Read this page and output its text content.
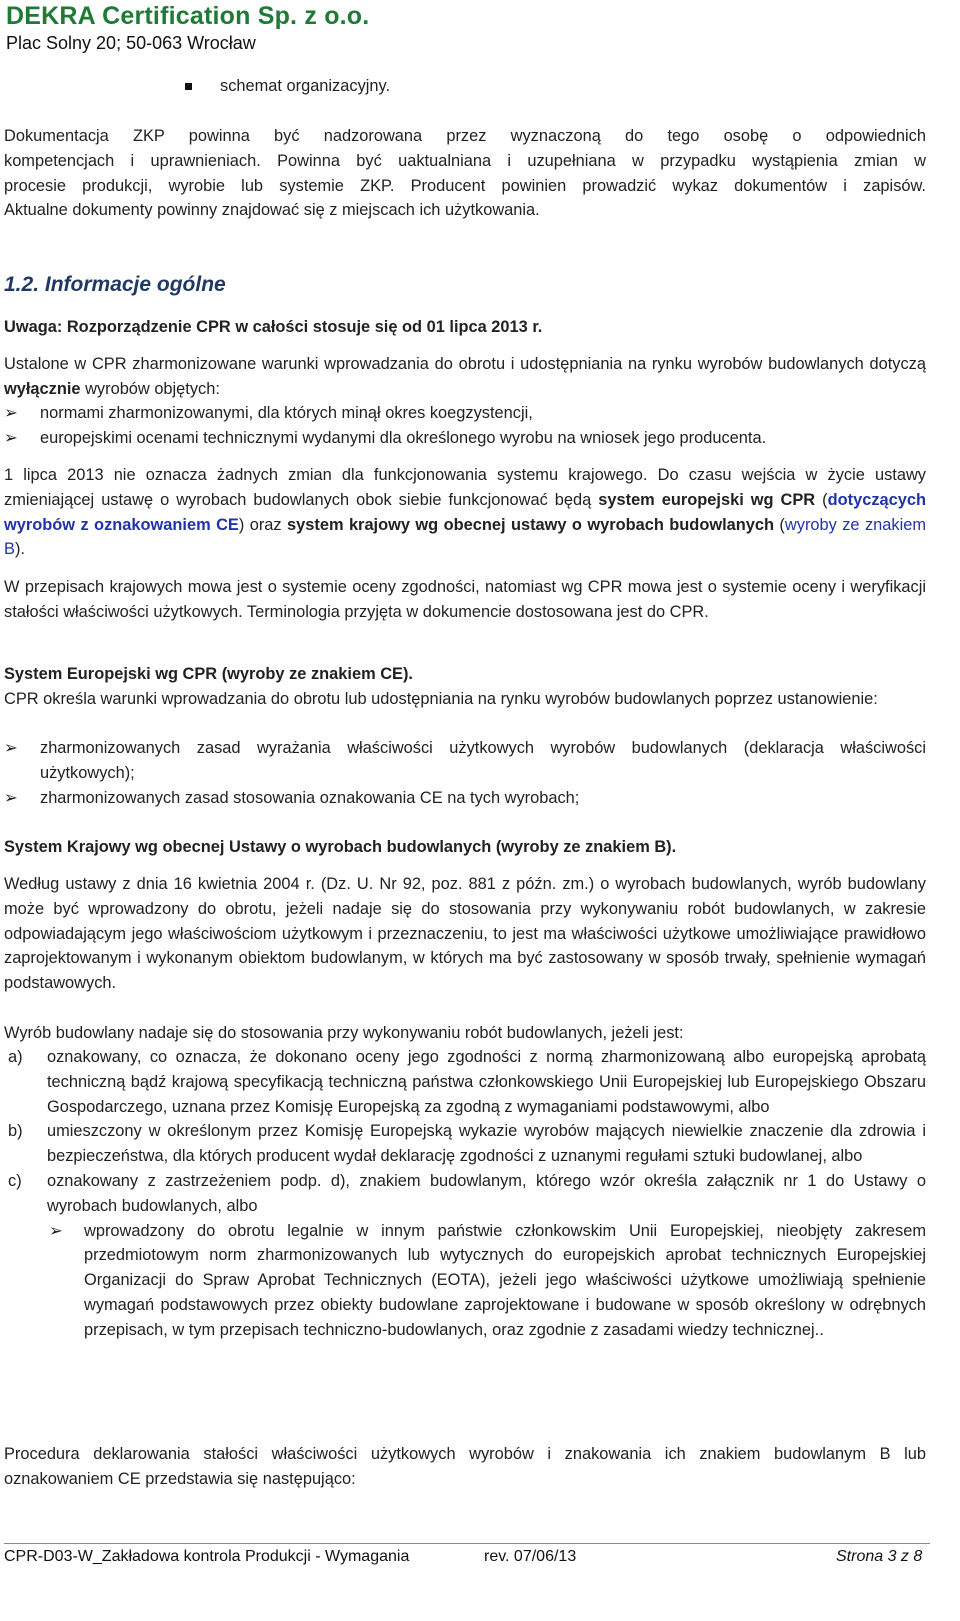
DEKRA Certification Sp. z o.o.
Plac Solny 20; 50-063 Wrocław
schemat organizacyjny.
Dokumentacja ZKP powinna być nadzorowana przez wyznaczoną do tego osobę o odpowiednich
kompetencjach i uprawnieniach. Powinna być uaktualniana i uzupełniana w przypadku wystąpienia zmian w
procesie produkcji, wyrobie lub systemie ZKP. Producent powinien prowadzić wykaz dokumentów i zapisów.
Aktualne dokumenty powinny znajdować się z miejscach ich użytkowania.
1.2. Informacje ogólne
Uwaga: Rozporządzenie CPR w całości stosuje się od 01 lipca 2013 r.
Ustalone w CPR zharmonizowane warunki wprowadzania do obrotu i udostępniania na rynku wyrobów budowlanych dotyczą wyłącznie wyrobów objętych:
➢	normami zharmonizowanymi, dla których minął okres koegzystencji,
➢	europejskimi ocenami technicznymi wydanymi dla określonego wyrobu na wniosek jego producenta.
1 lipca 2013 nie oznacza żadnych zmian dla funkcjonowania systemu krajowego. Do czasu wejścia w życie ustawy zmieniającej ustawę o wyrobach budowlanych obok siebie funkcjonować będą system europejski wg CPR (dotyczących wyrobów z oznakowaniem CE) oraz system krajowy wg obecnej ustawy o wyrobach budowlanych (wyroby ze znakiem B).
W przepisach krajowych mowa jest o systemie oceny zgodności, natomiast wg CPR mowa jest o systemie oceny i weryfikacji stałości właściwości użytkowych. Terminologia przyjęta w dokumencie dostosowana jest do CPR.
System Europejski wg CPR (wyroby ze znakiem CE).
CPR określa warunki wprowadzania do obrotu lub udostępniania na rynku wyrobów budowlanych poprzez ustanowienie:
➢	zharmonizowanych zasad wyrażania właściwości użytkowych wyrobów budowlanych (deklaracja właściwości użytkowych);
➢	zharmonizowanych zasad stosowania oznakowania CE na tych wyrobach;
System Krajowy wg obecnej Ustawy o wyrobach budowlanych (wyroby ze znakiem B).
Według ustawy z dnia 16 kwietnia 2004 r. (Dz. U. Nr 92, poz. 881 z późn. zm.) o wyrobach budowlanych, wyrób budowlany może być wprowadzony do obrotu, jeżeli nadaje się do stosowania przy wykonywaniu robót budowlanych, w zakresie odpowiadającym jego właściwościom użytkowym i przeznaczeniu, to jest ma właściwości użytkowe umożliwiające prawidłowo zaprojektowanym i wykonanym obiektom budowlanym, w których ma być zastosowany w sposób trwały, spełnienie wymagań podstawowych.
Wyrób budowlany nadaje się do stosowania przy wykonywaniu robót budowlanych, jeżeli jest:
a) oznakowany, co oznacza, że dokonano oceny jego zgodności z normą zharmonizowaną albo europejską aprobatą techniczną bądź krajową specyfikacją techniczną państwa członkowskiego Unii Europejskiej lub Europejskiego Obszaru Gospodarczego, uznana przez Komisję Europejską za zgodną z wymaganiami podstawowymi, albo
b) umieszczony w określonym przez Komisję Europejską wykazie wyrobów mających niewielkie znaczenie dla zdrowia i bezpieczeństwa, dla których producent wydał deklarację zgodności z uznanymi regułami sztuki budowlanej, albo
c) oznakowany z zastrzeżeniem podp. d), znakiem budowlanym, którego wzór określa załącznik nr 1 do Ustawy o wyrobach budowlanych, albo
➢ wprowadzony do obrotu legalnie w innym państwie członkowskim Unii Europejskiej, nieobjęty zakresem przedmiotowym norm zharmonizowanych lub wytycznych do europejskich aprobat technicznych Europejskiej Organizacji do Spraw Aprobat Technicznych (EOTA), jeżeli jego właściwości użytkowe umożliwiają spełnienie wymagań podstawowych przez obiekty budowlane zaprojektowane i budowane w sposób określony w odrębnych przepisach, w tym przepisach techniczno-budowlanych, oraz zgodnie z zasadami wiedzy technicznej..
Procedura deklarowania stałości właściwości użytkowych wyrobów i znakowania ich znakiem budowlanym B lub oznakowaniem CE przedstawia się następująco:
CPR-D03-W_Zakładowa kontrola Produkcji - Wymagania	rev. 07/06/13	Strona 3 z 8
